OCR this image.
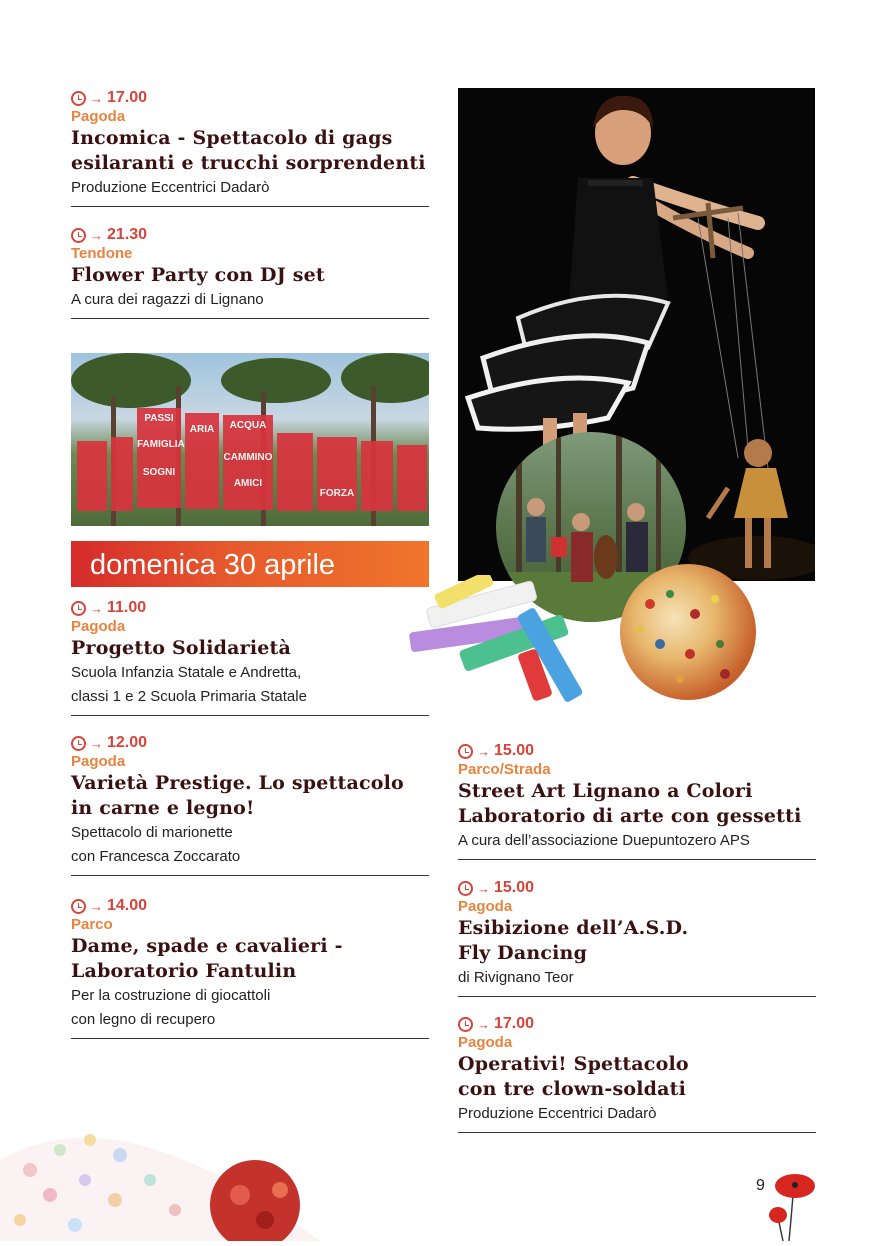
→ 17.00
Pagoda
Incomica - Spettacolo di gags esilaranti e trucchi sorprendenti
Produzione Eccentrici Dadarò
→ 21.30
Tendone
Flower Party con DJ set
A cura dei ragazzi di Lignano
PASSI
FAMIGLIA
SOGNI
ARIA	ACQUA
CAMMINO
AMICI
FORZA
domenica 30 aprile
→ 11.00
Pagoda
Progetto Solidarietà
Scuola Infanzia Statale e Andretta,
classi 1 e 2 Scuola Primaria Statale
→ 12.00
Pagoda
Varietà Prestige. Lo spettacolo in carne e legno!
Spettacolo di marionette
con Francesca Zoccarato
→ 14.00
Parco
Dame, spade e cavalieri - Laboratorio Fantulin
Per la costruzione di giocattoli
con legno di recupero
→ 15.00
Parco/Strada
Street Art Lignano a Colori Laboratorio di arte con gessetti
A cura dell’associazione Duepuntozero APS
→ 15.00
Pagoda
Esibizione dell’A.S.D. Fly Dancing
di Rivignano Teor
→ 17.00
Pagoda
Operativi! Spettacolo con tre clown-soldati
Produzione Eccentrici Dadarò
9
